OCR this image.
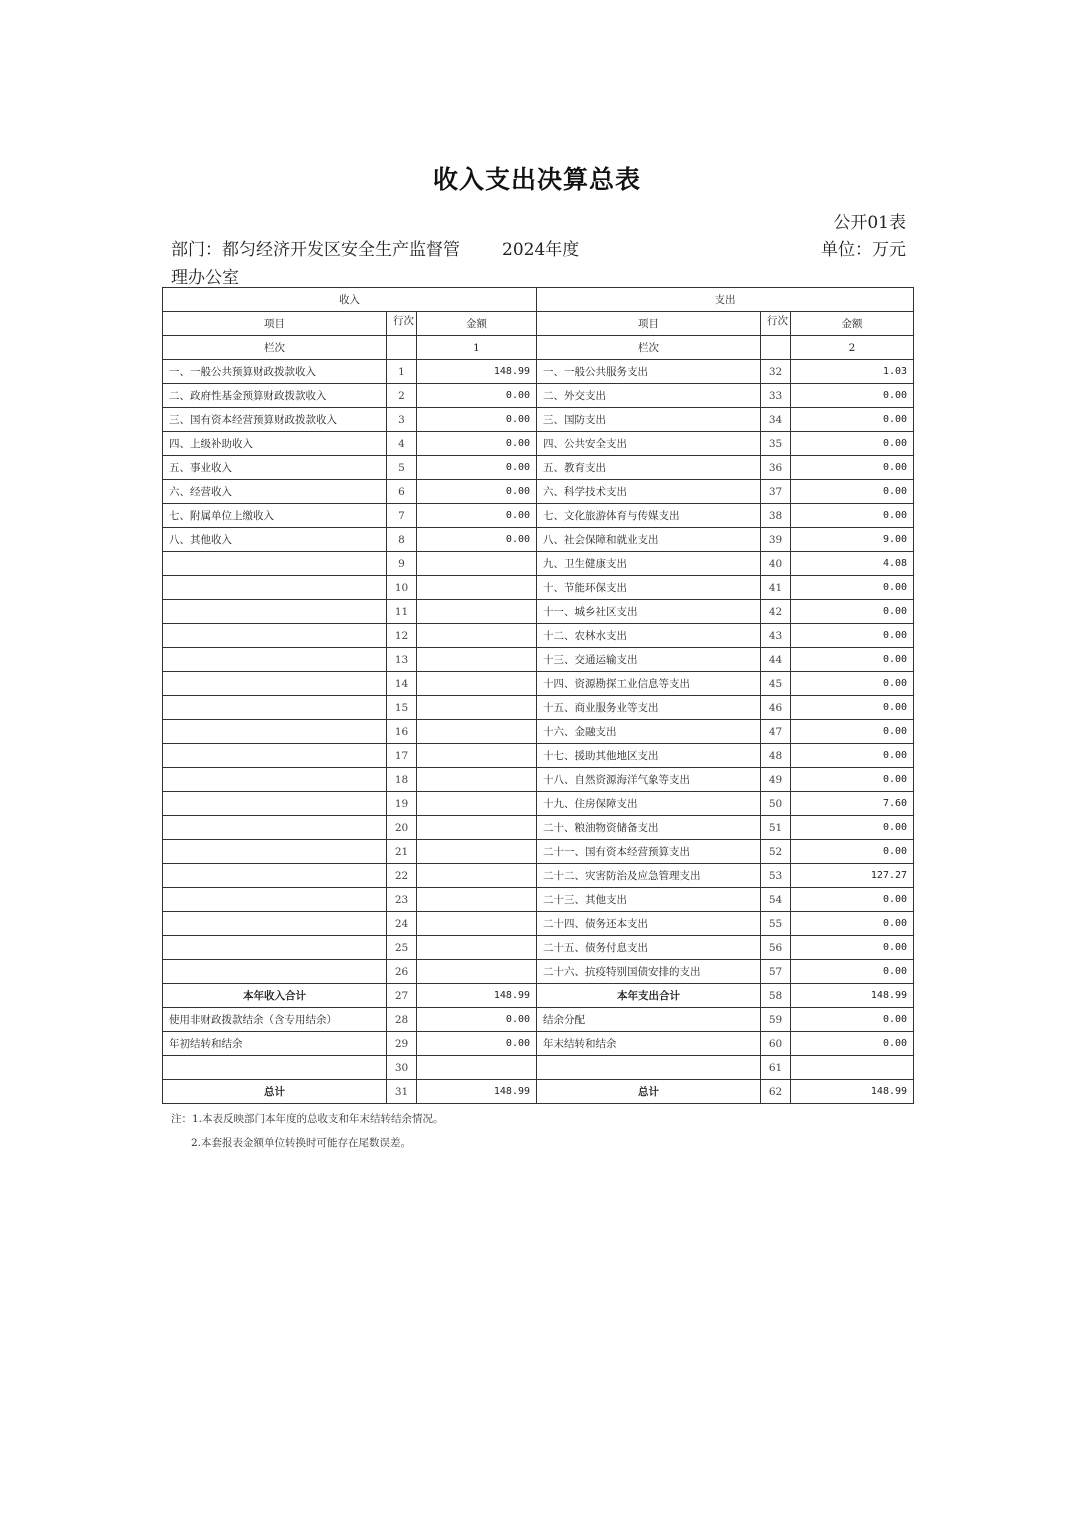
收入支出决算总表
公开01表
部门：都匀经济开发区安全生产监督管理办公室
2024年度	单位：万元
收入			支出		
项目	行次	金额	项目	行次	金额
栏次		1	栏次		2
一、一般公共预算财政拨款收入	1	148.99	一、一般公共服务支出	32	1.03
二、政府性基金预算财政拨款收入	2	0.00	二、外交支出	33	0.00
三、国有资本经营预算财政拨款收入	3	0.00	三、国防支出	34	0.00
四、上级补助收入	4	0.00	四、公共安全支出	35	0.00
五、事业收入	5	0.00	五、教育支出	36	0.00
六、经营收入	6	0.00	六、科学技术支出	37	0.00
七、附属单位上缴收入	7	0.00	七、文化旅游体育与传媒支出	38	0.00
八、其他收入	8	0.00	八、社会保障和就业支出	39	9.00
	9		九、卫生健康支出	40	4.08
	10		十、节能环保支出	41	0.00
	11		十一、城乡社区支出	42	0.00
	12		十二、农林水支出	43	0.00
	13		十三、交通运输支出	44	0.00
	14		十四、资源勘探工业信息等支出	45	0.00
	15		十五、商业服务业等支出	46	0.00
	16		十六、金融支出	47	0.00
	17		十七、援助其他地区支出	48	0.00
	18		十八、自然资源海洋气象等支出	49	0.00
	19		十九、住房保障支出	50	7.60
	20		二十、粮油物资储备支出	51	0.00
	21		二十一、国有资本经营预算支出	52	0.00
	22		二十二、灾害防治及应急管理支出	53	127.27
	23		二十三、其他支出	54	0.00
	24		二十四、债务还本支出	55	0.00
	25		二十五、债务付息支出	56	0.00
	26		二十六、抗疫特别国债安排的支出	57	0.00
本年收入合计	27	148.99	本年支出合计	58	148.99
使用非财政拨款结余（含专用结余）	28	0.00	结余分配	59	0.00
年初结转和结余	29	0.00	年末结转和结余	60	0.00
	30			61	
总计	31	148.99	总计	62	148.99
注：1.本表反映部门本年度的总收支和年末结转结余情况。
2.本套报表金额单位转换时可能存在尾数误差。
